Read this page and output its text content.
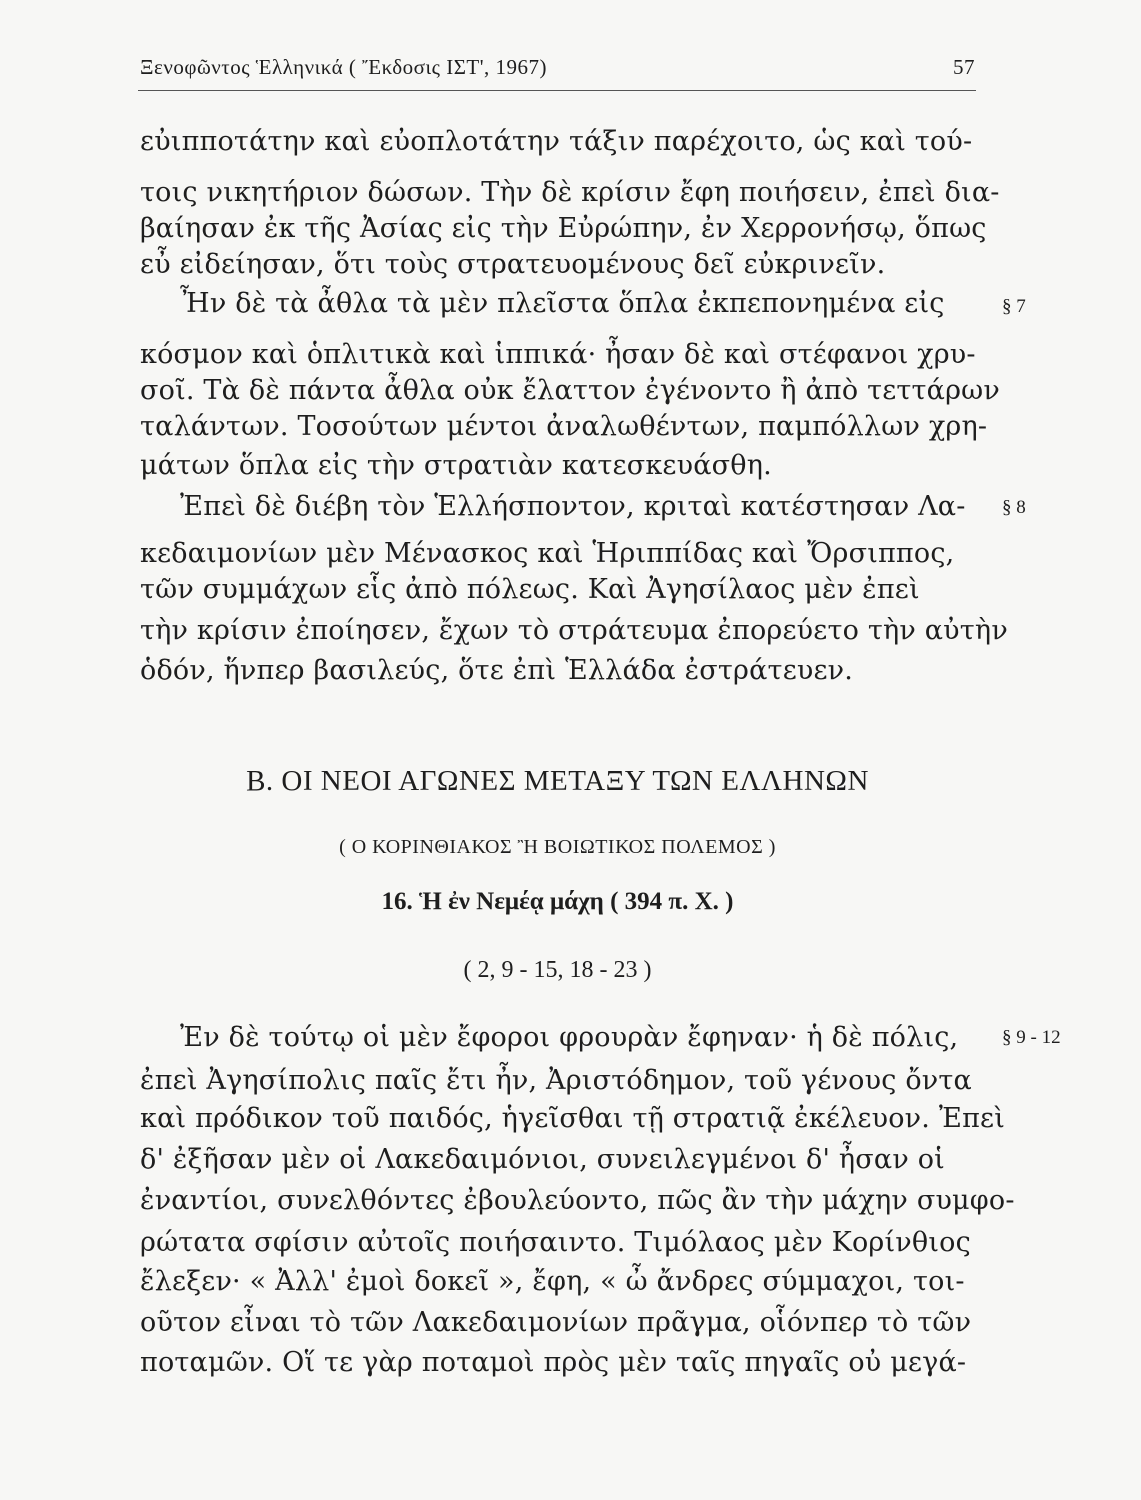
Ξενοφῶντος Ἑλληνικά ( Ἔκδοσις ΙΣΤ', 1967)	57
εὐιπποτάτην καὶ εὐοπλοτάτην τάξιν παρέχοιτο, ὡς καὶ τού-
τοις νικητήριον δώσων. Τὴν δὲ κρίσιν ἔφη ποιήσειν, ἐπεὶ δια-
βαίησαν ἐκ τῆς Ἀσίας εἰς τὴν Εὐρώπην, ἐν Χερρονήσῳ, ὅπως
εὖ εἰδείησαν, ὅτι τοὺς στρατευομένους δεῖ εὐκρινεῖν.
Ἦν δὲ τὰ ἆθλα τὰ μὲν πλεῖστα ὅπλα ἐκπεπονημένα εἰς
κόσμον καὶ ὁπλιτικὰ καὶ ἱππικά· ἦσαν δὲ καὶ στέφανοι χρυ-
σοῖ. Τὰ δὲ πάντα ἆθλα οὐκ ἔλαττον ἐγένοντο ἢ ἀπὸ τεττάρων
ταλάντων. Τοσούτων μέντοι ἀναλωθέντων, παμπόλλων χρη-
μάτων ὅπλα εἰς τὴν στρατιὰν κατεσκευάσθη.
Ἐπεὶ δὲ διέβη τὸν Ἑλλήσποντον, κριταὶ κατέστησαν Λα-
κεδαιμονίων μὲν Μένασκος καὶ Ἡριππίδας καὶ Ὄρσιππος,
τῶν συμμάχων εἷς ἀπὸ πόλεως. Καὶ Ἀγησίλαος μὲν ἐπεὶ
τὴν κρίσιν ἐποίησεν, ἔχων τὸ στράτευμα ἐπορεύετο τὴν αὐτὴν
ὁδόν, ἥνπερ βασιλεύς, ὅτε ἐπὶ Ἑλλάδα ἐστράτευεν.
§ 7
§ 8
§ 9 - 12
Β. ΟΙ ΝΕΟΙ ΑΓΩΝΕΣ ΜΕΤΑΞΥ ΤΩΝ ΕΛΛΗΝΩΝ
( Ο ΚΟΡΙΝΘΙΑΚΟΣ Ἢ ΒΟΙΩΤΙΚΟΣ ΠΟΛΕΜΟΣ )
16. Ἡ ἐν Νεμέᾳ μάχη ( 394 π. Χ. )
( 2, 9 - 15, 18 - 23 )
Ἐν δὲ τούτῳ οἱ μὲν ἔφοροι φρουρὰν ἔφηναν· ἡ δὲ πόλις,
ἐπεὶ Ἀγησίπολις παῖς ἔτι ἦν, Ἀριστόδημον, τοῦ γένους ὄντα
καὶ πρόδικον τοῦ παιδός, ἡγεῖσθαι τῇ στρατιᾷ ἐκέλευον. Ἐπεὶ
δ' ἐξῆσαν μὲν οἱ Λακεδαιμόνιοι, συνειλεγμένοι δ' ἦσαν οἱ
ἐναντίοι, συνελθόντες ἐβουλεύοντο, πῶς ἂν τὴν μάχην συμφο-
ρώτατα σφίσιν αὐτοῖς ποιήσαιντο. Τιμόλαος μὲν Κορίνθιος
ἔλεξεν· « Ἀλλ' ἐμοὶ δοκεῖ », ἔφη, « ὦ ἄνδρες σύμμαχοι, τοι-
οῦτον εἶναι τὸ τῶν Λακεδαιμονίων πρᾶγμα, οἷόνπερ τὸ τῶν
ποταμῶν. Οἵ τε γὰρ ποταμοὶ πρὸς μὲν ταῖς πηγαῖς οὐ μεγά-
